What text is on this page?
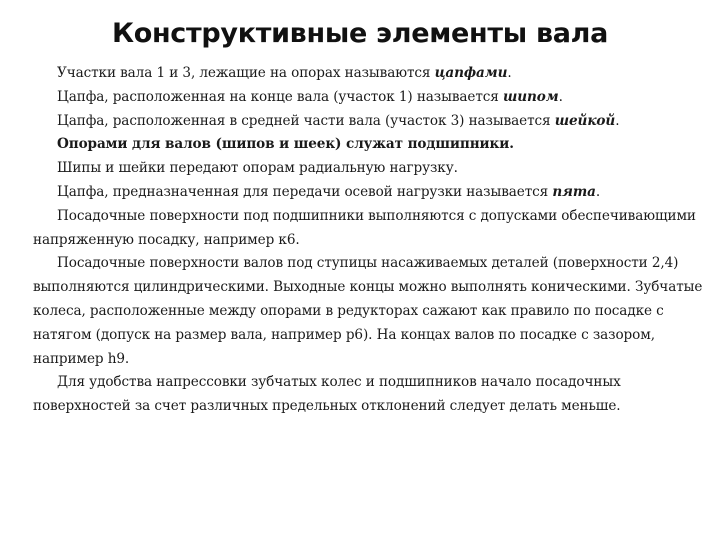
Конструктивные элементы вала

Участки вала 1 и 3, лежащие на опорах называются цапфами.

Цапфа, расположенная на конце вала (участок 1) называется шипом.

Цапфа, расположенная в средней части вала (участок 3) называется шейкой.

Опорами для валов (шипов и шеек) служат подшипники.

Шипы и шейки передают опорам радиальную нагрузку.

Цапфа, предназначенная для передачи осевой нагрузки называется пята.

Посадочные поверхности под подшипники выполняются с допусками обеспечивающими напряженную посадку, например к6.

Посадочные поверхности валов под ступицы насаживаемых деталей (поверхности 2,4) выполняются цилиндрическими. Выходные концы можно выполнять коническими. Зубчатые колеса, расположенные между опорами в редукторах сажают как правило по посадке с натягом (допуск на размер вала, например p6). На концах валов по посадке с зазором, например h9.

Для удобства напрессовки зубчатых колес и подшипников начало посадочных поверхностей за счет различных предельных отклонений следует делать меньше.
